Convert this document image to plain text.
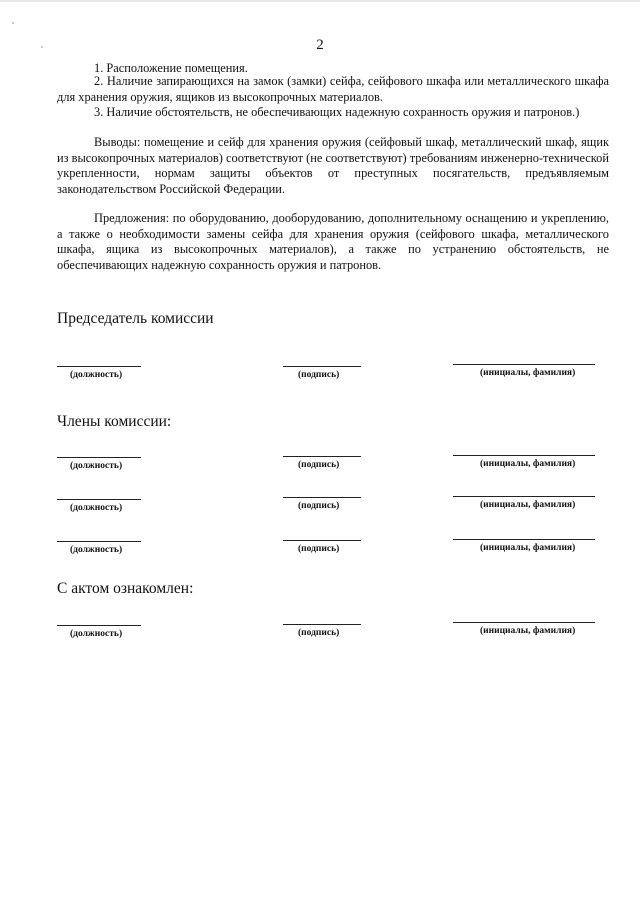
2
1. Расположение помещения.
2. Наличие запирающихся на замок (замки) сейфа, сейфового шкафа или металлического шкафа для хранения оружия, ящиков из высокопрочных материалов.
3. Наличие обстоятельств, не обеспечивающих надежную сохранность оружия и патронов.)
Выводы: помещение и сейф для хранения оружия (сейфовый шкаф, металлический шкаф, ящик из высокопрочных материалов) соответствуют (не соответствуют) требованиям инженерно-технической укрепленности, нормам защиты объектов от преступных посягательств, предъявляемым законодательством Российской Федерации.
Предложения: по оборудованию, дооборудованию, дополнительному оснащению и укреплению, а также о необходимости замены сейфа для хранения оружия (сейфового шкафа, металлического шкафа, ящика из высокопрочных материалов), а также по устранению обстоятельств, не обеспечивающих надежную сохранность оружия и патронов.
Председатель комиссии
(должность)	(подпись)	(инициалы, фамилия)
Члены комиссии:
(должность)	(подпись)	(инициалы, фамилия)
(должность)	(подпись)	(инициалы, фамилия)
(должность)	(подпись)	(инициалы, фамилия)
С актом ознакомлен:
(должность)	(подпись)	(инициалы, фамилия)
